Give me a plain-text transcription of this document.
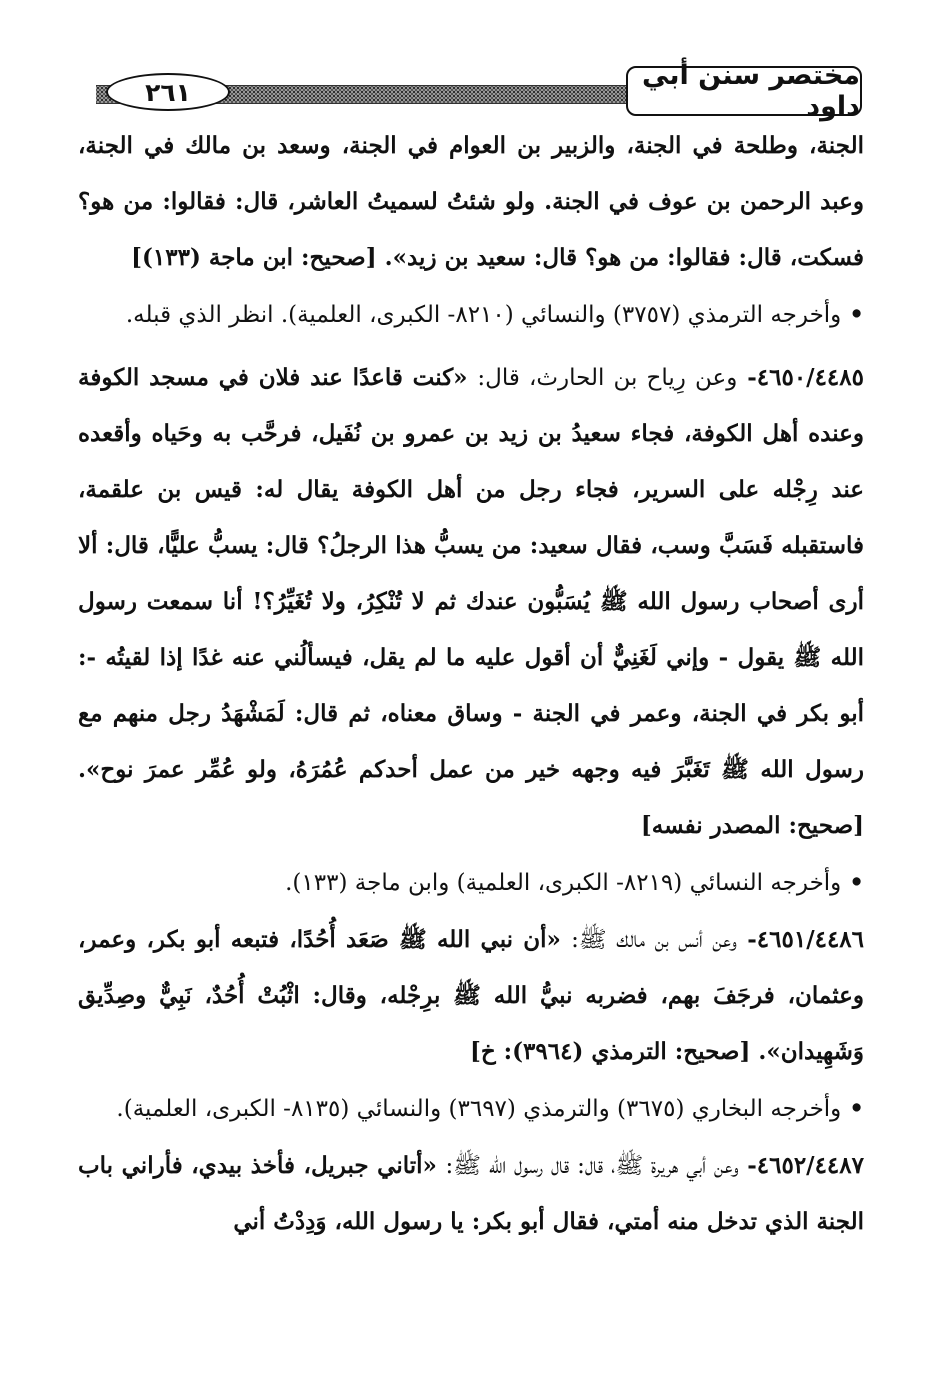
٢٦١
مختصر سنن أبي داود

الجنة، وطلحة في الجنة، والزبير بن العوام في الجنة، وسعد بن مالك في الجنة، وعبد الرحمن بن عوف في الجنة. ولو شئتُ لسميتُ العاشر، قال: فقالوا: من هو؟ فسكت، قال: فقالوا: من هو؟ قال: سعيد بن زيد». [صحيح: ابن ماجة (١٣٣)]

•وأخرجه الترمذي (٣٧٥٧) والنسائي (٨٢١٠- الكبرى، العلمية). انظر الذي قبله.

٤٦٥٠/٤٤٨٥- وعن رِياح بن الحارث، قال: «كنت قاعدًا عند فلان في مسجد الكوفة وعنده أهل الكوفة، فجاء سعيدُ بن زيد بن عمرو بن نُفَيل، فرحَّب به وحَياه وأقعده عند رِجْله على السرير، فجاء رجل من أهل الكوفة يقال له: قيس بن علقمة، فاستقبله فَسَبَّ وسب، فقال سعيد: من يسبُّ هذا الرجلُ؟ قال: يسبُّ عليًّا، قال: ألا أرى أصحاب رسول الله ﷺ يُسَبُّون عندك ثم لا تُنْكِرُ، ولا تُغَيِّرُ؟! أنا سمعت رسول الله ﷺ يقول - وإني لَغَنِيٌّ أن أقول عليه ما لم يقل، فيسألُني عنه غدًا إذا لقيتُه -: أبو بكر في الجنة، وعمر في الجنة - وساق معناه، ثم قال: لَمَشْهَدُ رجل منهم مع رسول الله ﷺ تَغَبَّرَ فيه وجهه خير من عمل أحدكم عُمُرَهُ، ولو عُمِّر عمرَ نوح». [صحيح: المصدر نفسه]

•وأخرجه النسائي (٨٢١٩- الكبرى، العلمية) وابن ماجة (١٣٣).

٤٦٥١/٤٤٨٦- وعن أنس بن مالك ﷺ: «أن نبي الله ﷺ صَعَد أُحُدًا، فتبعه أبو بكر، وعمر، وعثمان، فرجَفَ بهم، فضربه نبيُّ الله ﷺ برِجْله، وقال: اثْبُتْ أُحُدٌ، نَبِيٌّ وصِدِّيق وَشَهِيدان». [صحيح: الترمذي (٣٩٦٤): خ]

•وأخرجه البخاري (٣٦٧٥) والترمذي (٣٦٩٧) والنسائي (٨١٣٥- الكبرى، العلمية).

٤٦٥٢/٤٤٨٧- وعن أبي هريرة ﷺ، قال: قال رسول الله ﷺ: «أتاني جبريل، فأخذ بيدي، فأراني باب الجنة الذي تدخل منه أمتي، فقال أبو بكر: يا رسول الله، وَدِدْتُ أني
